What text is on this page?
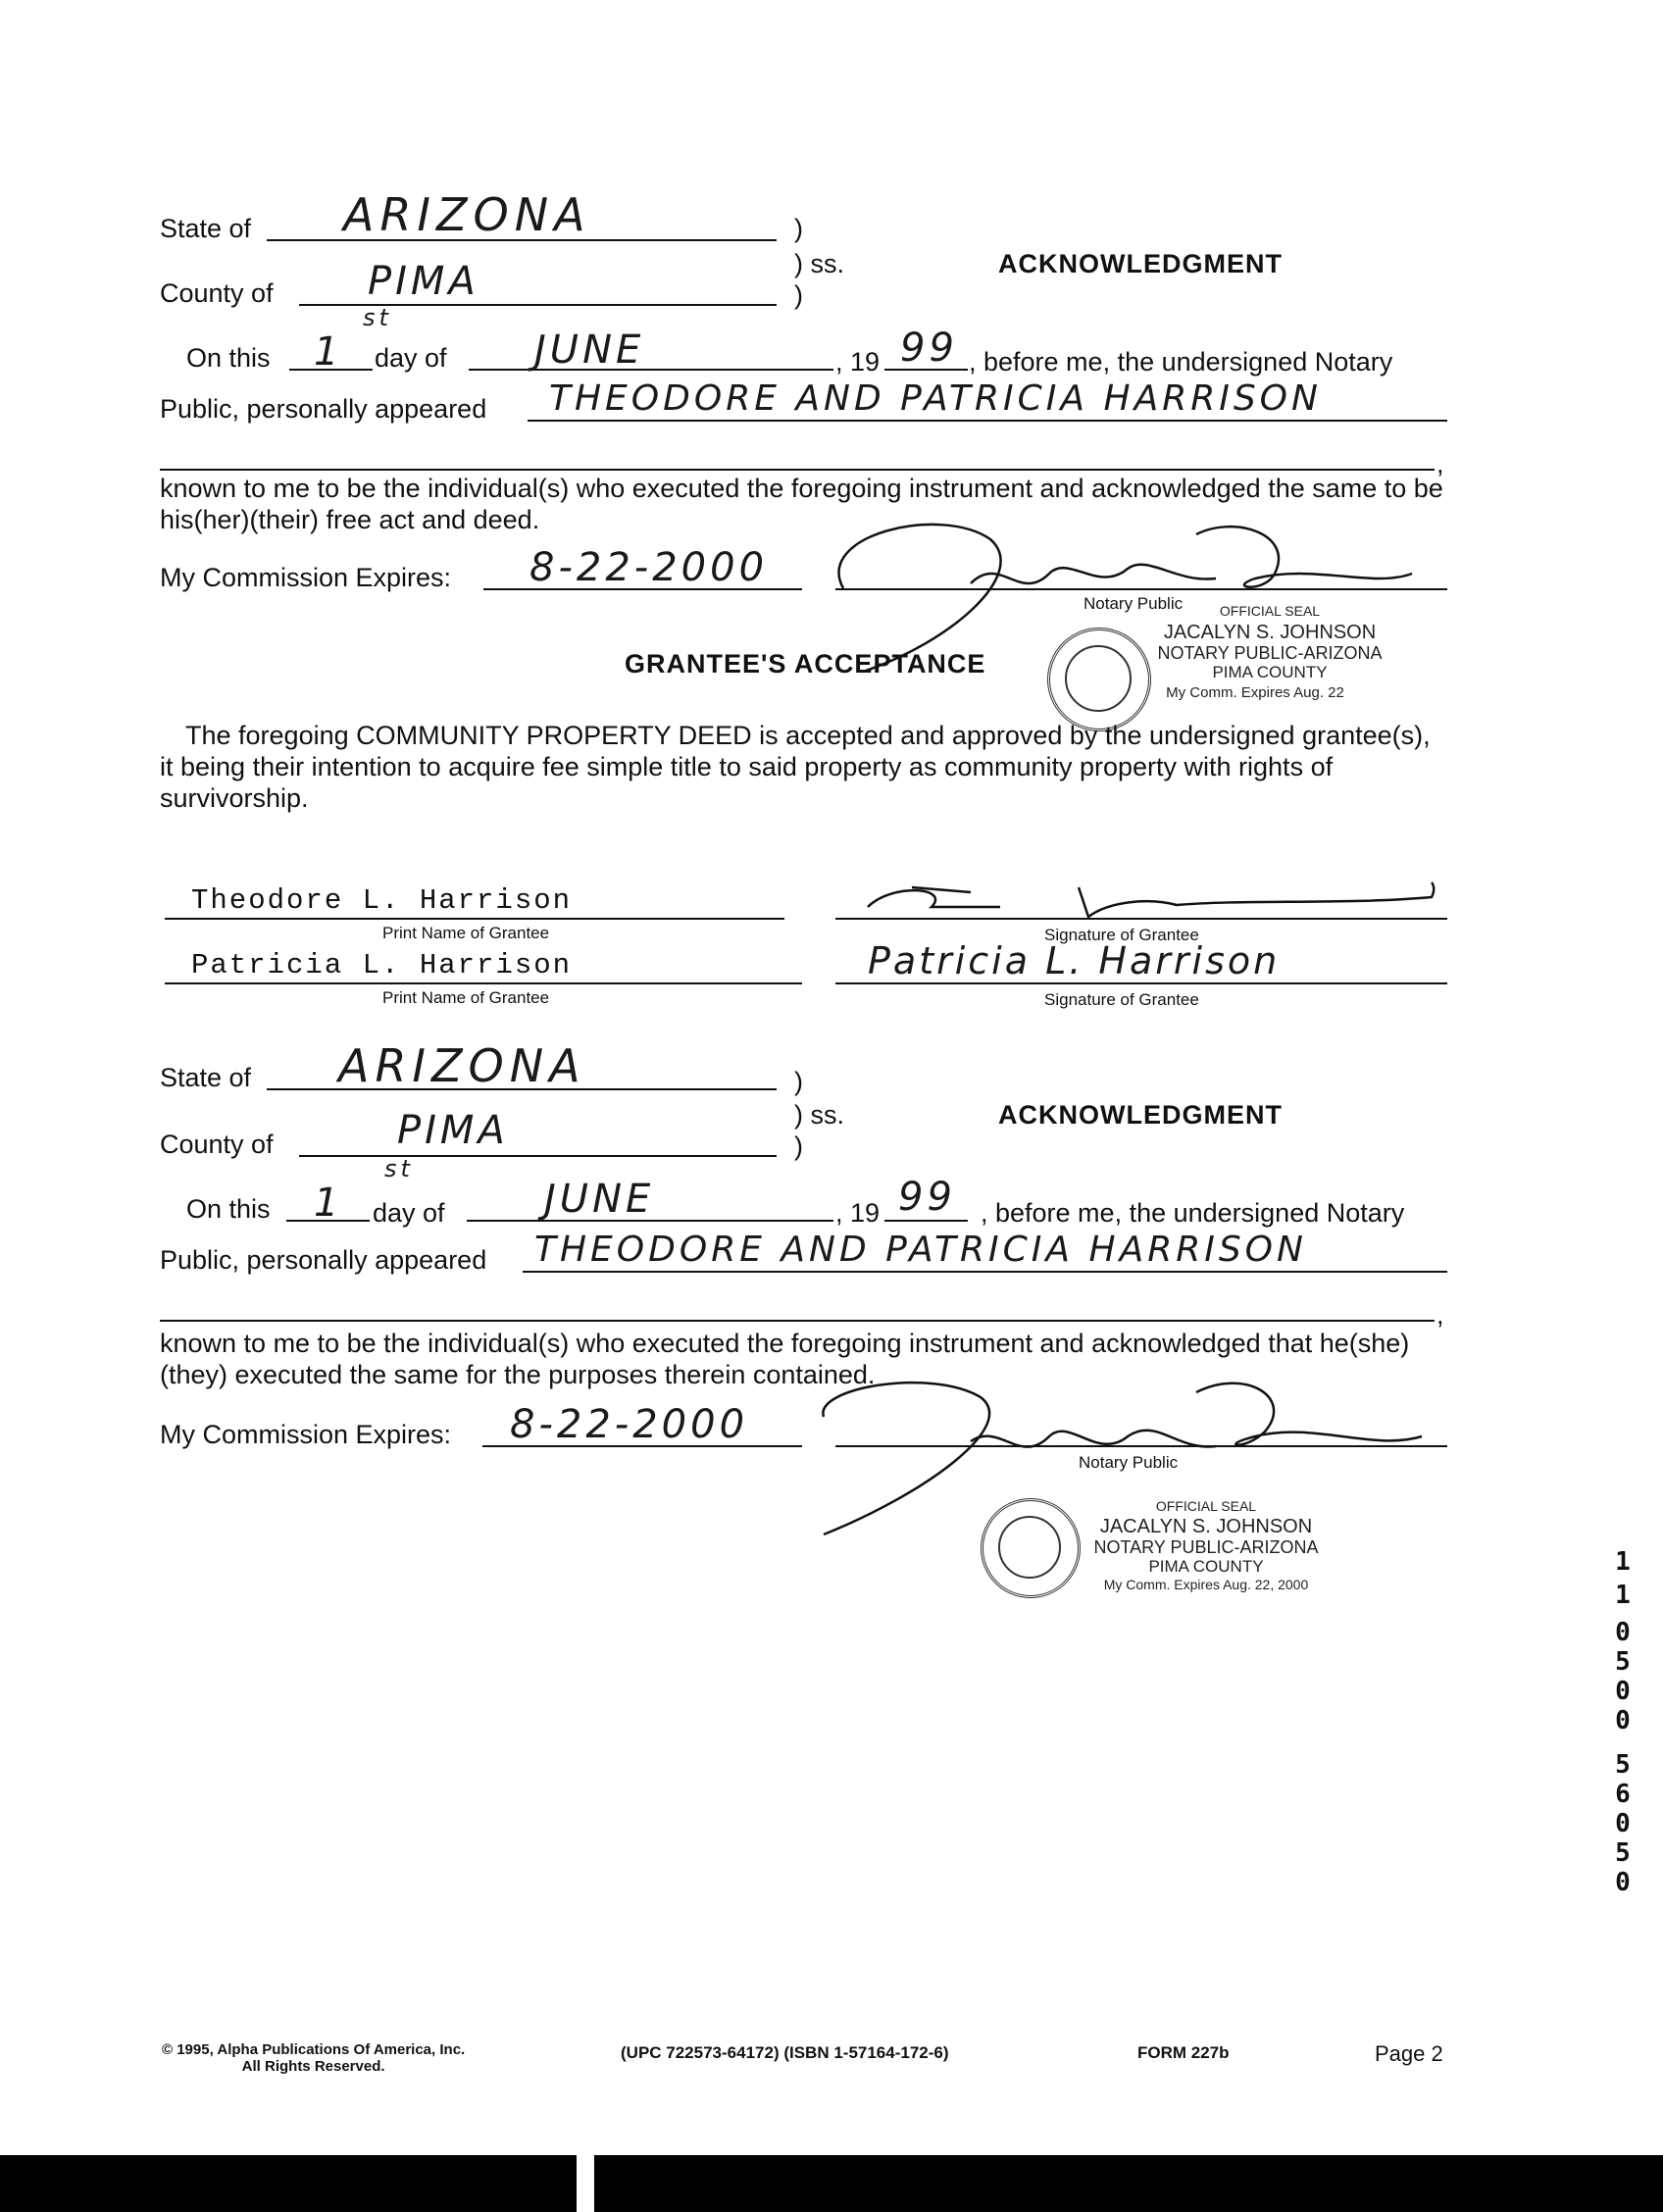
State of ARIZONA	)
) ss.	ACKNOWLEDGMENT
County of PIMA	)
On this 1
st
day of JUNE	, 19 99 , before me, the undersigned Notary
Public, personally appeared THEODORE AND PATRICIA HARRISON
,
known to me to be the individual(s) who executed the foregoing instrument and acknowledged the same to be his(her)(their) free act and deed.
My Commission Expires: 8-22-2000
Notary Public	OFFICIAL SEAL
JACALYN S. JOHNSON
NOTARY PUBLIC-ARIZONA
PIMA COUNTY
My Comm. Expires Aug. 22
GRANTEE'S ACCEPTANCE
The foregoing COMMUNITY PROPERTY DEED is accepted and approved by the undersigned grantee(s), it being their intention to acquire fee simple title to said property as community property with rights of survivorship.
Theodore L. Harrison
Print Name of Grantee	Signature of Grantee
Patricia L. Harrison
Print Name of Grantee
Patricia L. Harrison
Signature of Grantee
State of ARIZONA	)
) ss.	ACKNOWLEDGMENT
County of	PIMA	)
On this 1
st
day of	JUNE	, 19 99 , before me, the undersigned Notary
Public, personally appeared THEODORE AND PATRICIA HARRISON
,
known to me to be the individual(s) who executed the foregoing instrument and acknowledged that he(she)(they) executed the same for the purposes therein contained.
My Commission Expires: 8-22-2000
Notary Public
OFFICIAL SEAL
JACALYN S. JOHNSON
NOTARY PUBLIC-ARIZONA
PIMA COUNTY
My Comm. Expires Aug. 22, 2000
1
1
0
5
0
0
5
6
0
5
0
© 1995, Alpha Publications Of America, Inc.
All Rights Reserved.
(UPC 722573-64172) (ISBN 1-57164-172-6)	FORM 227b	Page 2
